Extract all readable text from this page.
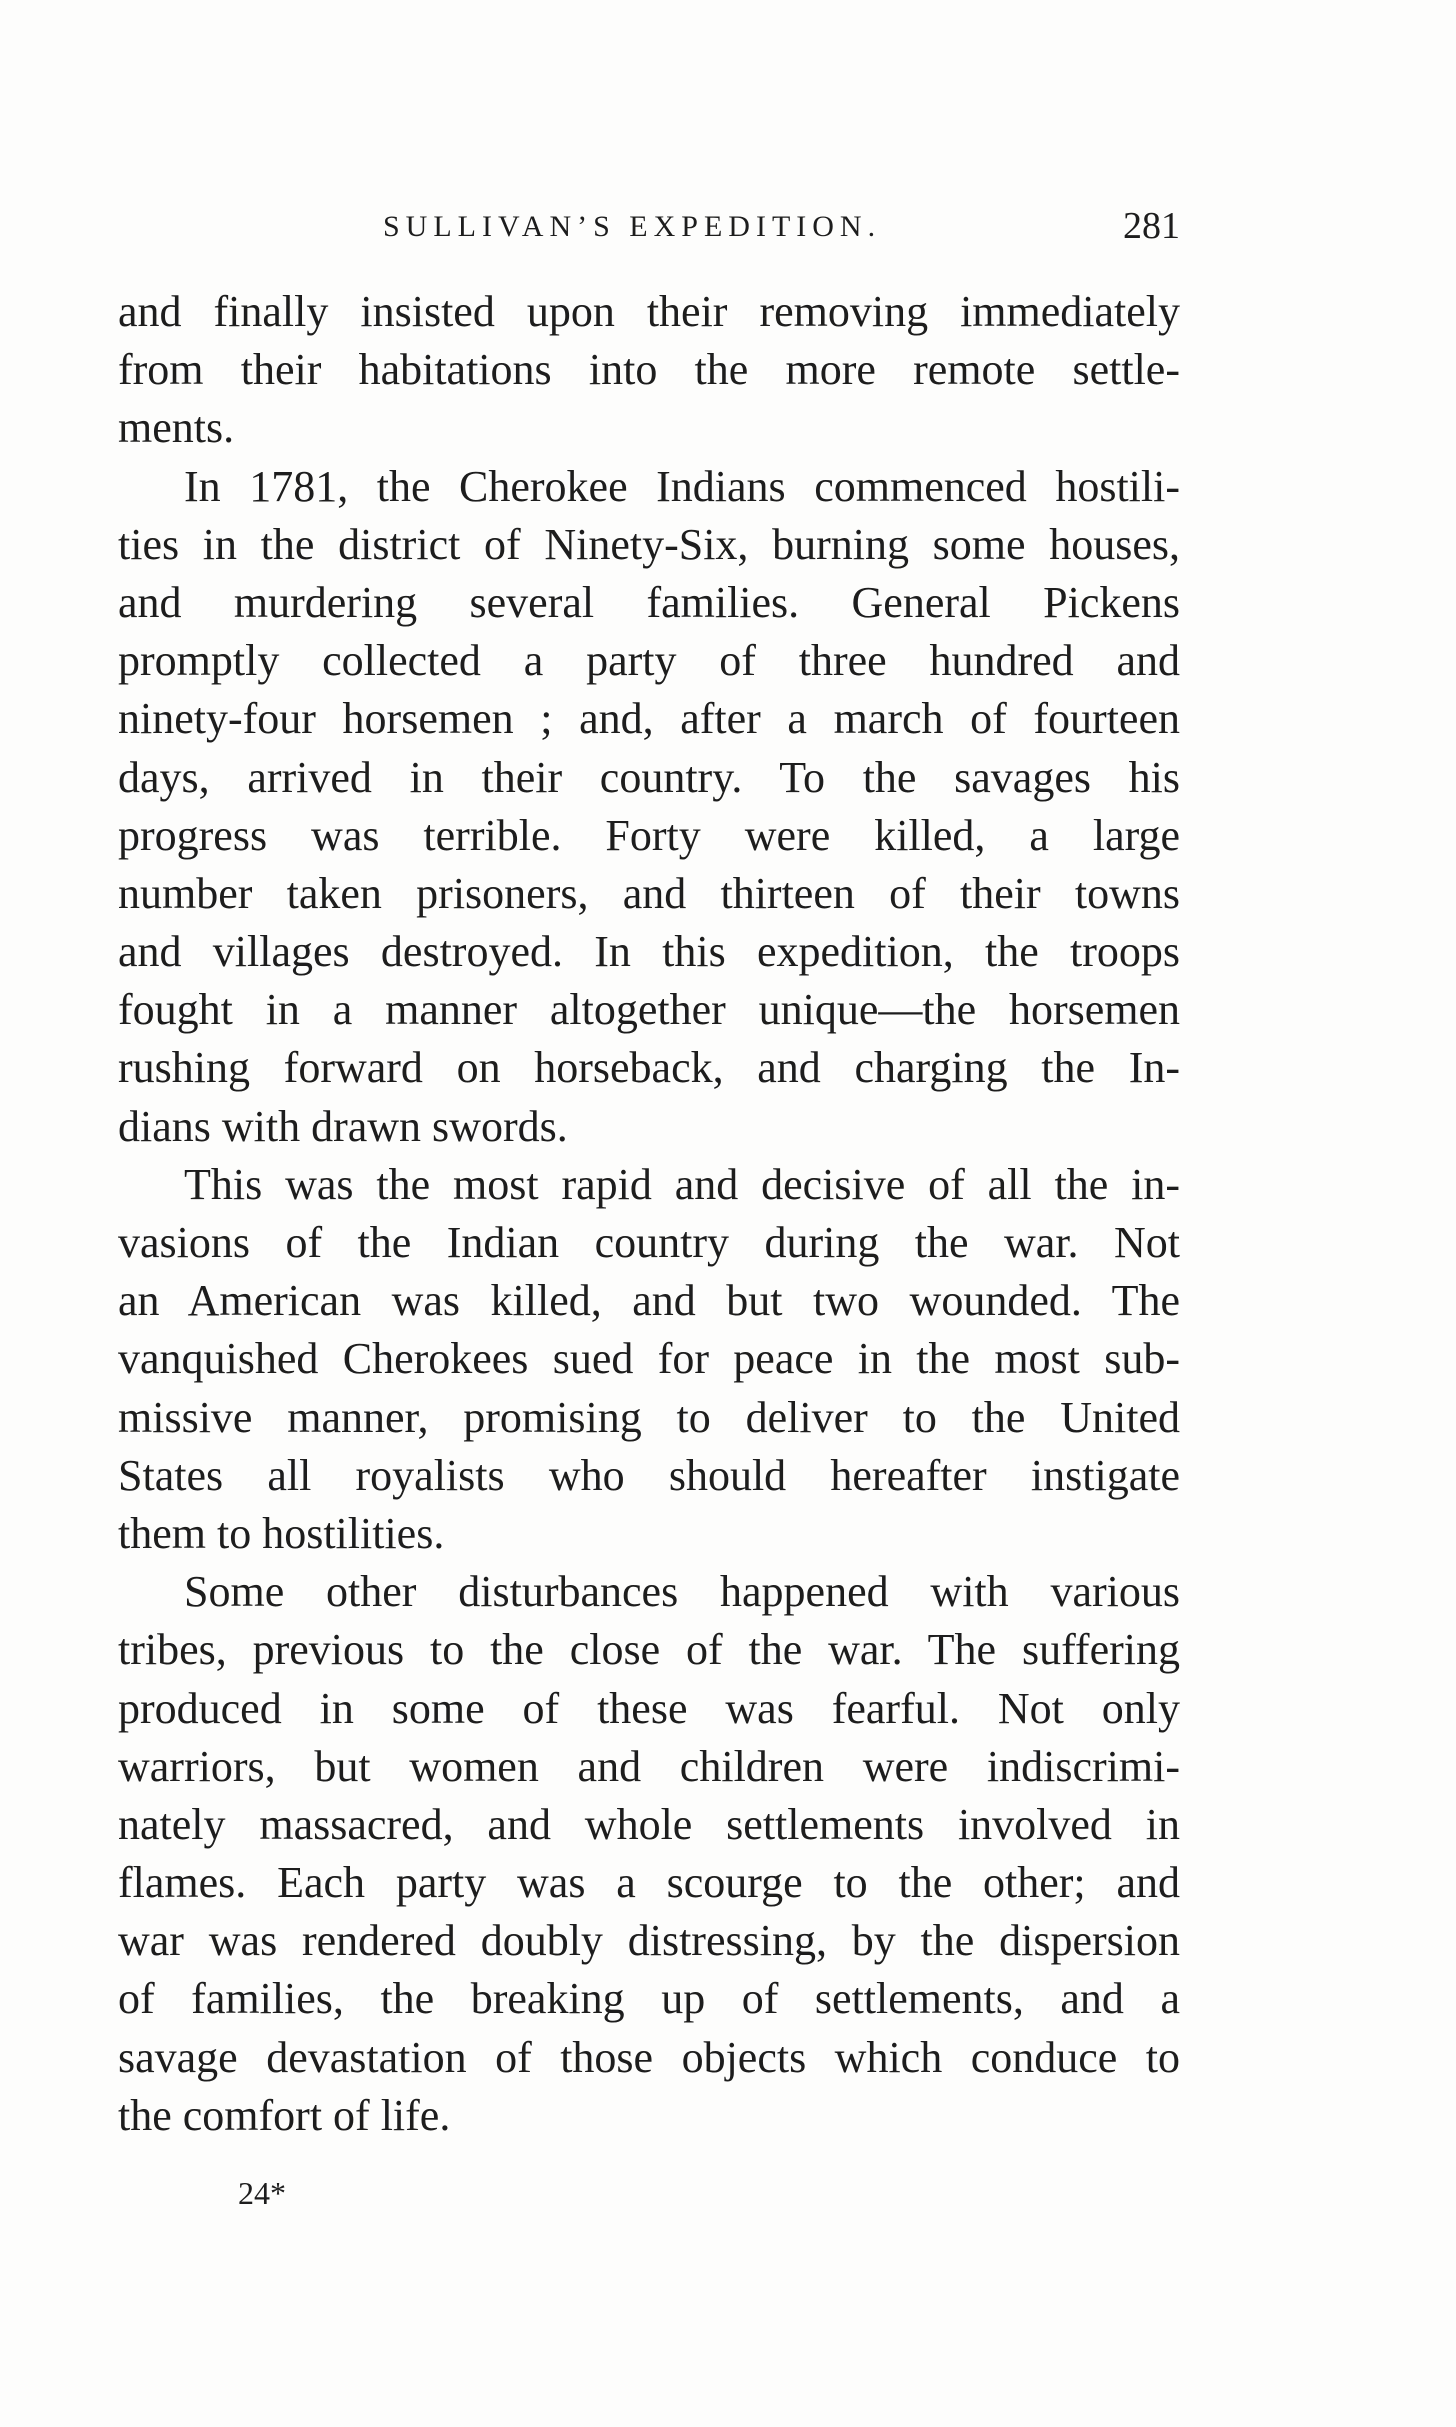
SULLIVAN’S EXPEDITION.	281
and finally insisted upon their removing immediately
from their habitations into the more remote settle-
ments.
In 1781, the Cherokee Indians commenced hostili-
ties in the district of Ninety-Six, burning some houses,
and murdering several families. General Pickens
promptly collected a party of three hundred and
ninety-four horsemen ; and, after a march of fourteen
days, arrived in their country. To the savages his
progress was terrible. Forty were killed, a large
number taken prisoners, and thirteen of their towns
and villages destroyed. In this expedition, the troops
fought in a manner altogether unique—the horsemen
rushing forward on horseback, and charging the In-
dians with drawn swords.
This was the most rapid and decisive of all the in-
vasions of the Indian country during the war. Not
an American was killed, and but two wounded. The
vanquished Cherokees sued for peace in the most sub-
missive manner, promising to deliver to the United
States all royalists who should hereafter instigate
them to hostilities.
Some other disturbances happened with various
tribes, previous to the close of the war. The suffering
produced in some of these was fearful. Not only
warriors, but women and children were indiscrimi-
nately massacred, and whole settlements involved in
flames. Each party was a scourge to the other; and
war was rendered doubly distressing, by the dispersion
of families, the breaking up of settlements, and a
savage devastation of those objects which conduce to
the comfort of life.
24*
